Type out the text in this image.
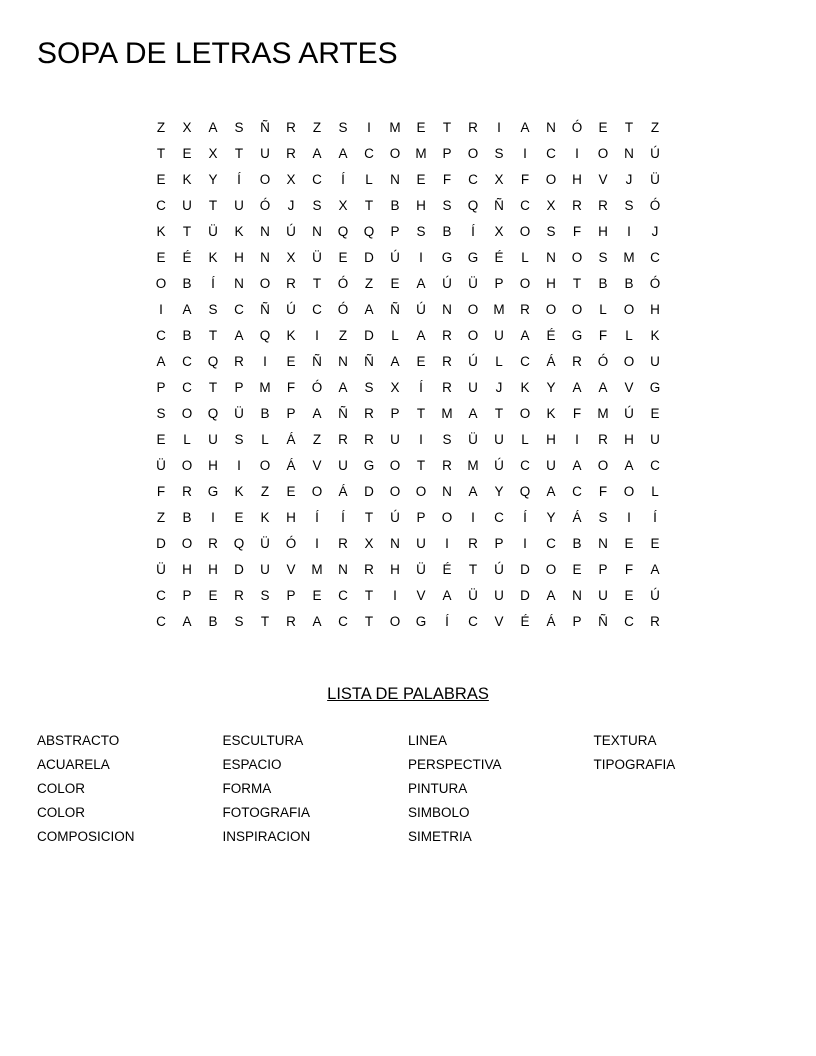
SOPA DE LETRAS ARTES
Z	X	A	S	Ñ	R	Z	S	I	M	E	T	R	I	A	N	Ó	E	T	Z
T	E	X	T	U	R	A	A	C	O	M	P	O	S	I	C	I	O	N	Ú
E	K	Y	Í	O	X	C	Í	L	N	E	F	C	X	F	O	H	V	J	Ü
C	U	T	U	Ó	J	S	X	T	B	H	S	Q	Ñ	C	X	R	R	S	Ó
K	T	Ü	K	N	Ú	N	Q	Q	P	S	B	Í	X	O	S	F	H	I	J
E	É	K	H	N	X	Ü	E	D	Ú	I	G	G	É	L	N	O	S	M	C
O	B	Í	N	O	R	T	Ó	Z	E	A	Ú	Ü	P	O	H	T	B	B	Ó
I	A	S	C	Ñ	Ú	C	Ó	A	Ñ	Ú	N	O	M	R	O	O	L	O	H
C	B	T	A	Q	K	I	Z	D	L	A	R	O	U	A	É	G	F	L	K
A	C	Q	R	I	E	Ñ	N	Ñ	A	E	R	Ú	L	C	Á	R	Ó	O	U
P	C	T	P	M	F	Ó	A	S	X	Í	R	U	J	K	Y	A	A	V	G
S	O	Q	Ü	B	P	A	Ñ	R	P	T	M	A	T	O	K	F	M	Ú	E
E	L	U	S	L	Á	Z	R	R	U	I	S	Ü	U	L	H	I	R	H	U
Ü	O	H	I	O	Á	V	U	G	O	T	R	M	Ú	C	U	A	O	A	C
F	R	G	K	Z	E	O	Á	D	O	O	N	A	Y	Q	A	C	F	O	L
Z	B	I	E	K	H	Í	Í	T	Ú	P	O	I	C	Í	Y	Á	S	I	Í
D	O	R	Q	Ü	Ó	I	R	X	N	U	I	R	P	I	C	B	N	E	E
Ü	H	H	D	U	V	M	N	R	H	Ü	É	T	Ú	D	O	E	P	F	A
C	P	E	R	S	P	E	C	T	I	V	A	Ü	U	D	A	N	U	E	Ú
C	A	B	S	T	R	A	C	T	O	G	Í	C	V	É	Á	P	Ñ	C	R
LISTA DE PALABRAS
ABSTRACTO
ACUARELA
COLOR
COLOR
COMPOSICION
ESCULTURA
ESPACIO
FORMA
FOTOGRAFIA
INSPIRACION
LINEA
PERSPECTIVA
PINTURA
SIMBOLO
SIMETRIA
TEXTURA
TIPOGRAFIA
